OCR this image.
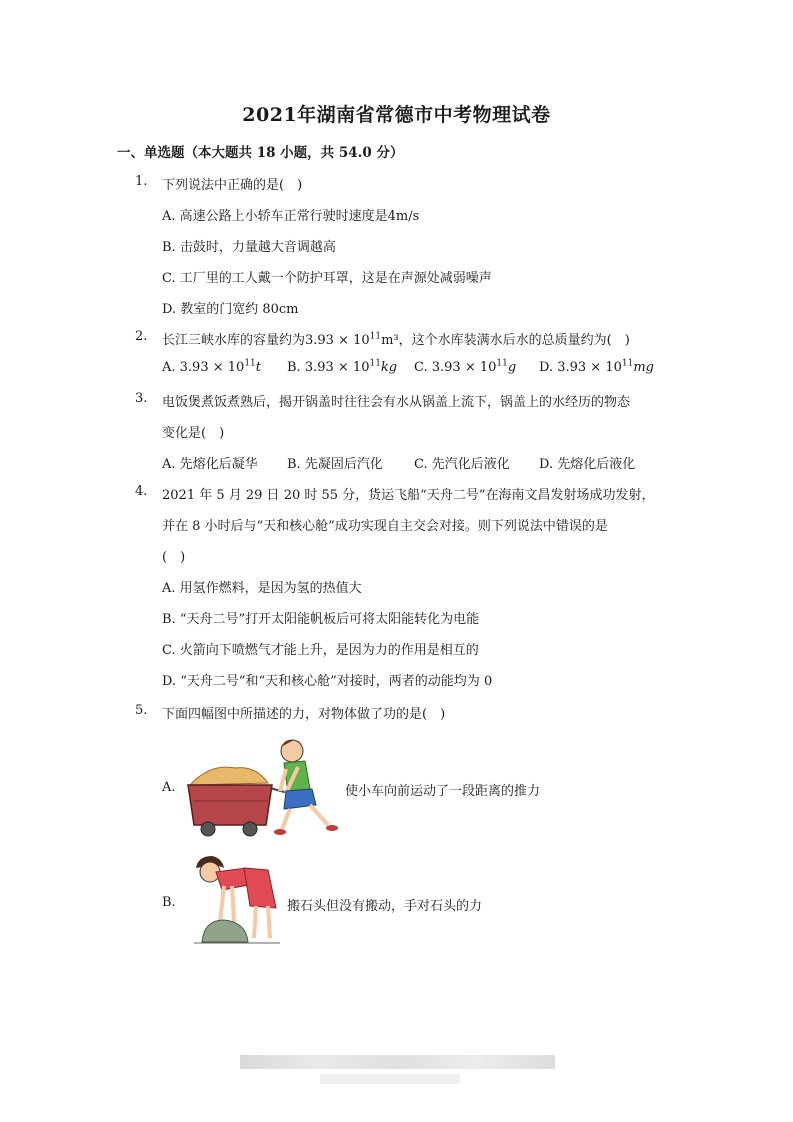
2021年湖南省常德市中考物理试卷
一、单选题（本大题共 18 小题，共 54.0 分）
1. 下列说法中正确的是(　)
A. 高速公路上小轿车正常行驶时速度是4m/s
B. 击鼓时，力量越大音调越高
C. 工厂里的工人戴一个防护耳罩，这是在声源处减弱噪声
D. 教室的门宽约 80cm
2. 长江三峡水库的容量约为$3.93 \times 10^{11}m^3$，这个水库装满水后水的总质量约为(　)
A. $3.93 \times 10^{11}t$ B. $3.93 \times 10^{11}kg$ C. $3.93 \times 10^{11}g$ D. $3.93 \times 10^{11}mg$
3. 电饭煲煮饭煮熟后，揭开锅盖时往往会有水从锅盖上流下，锅盖上的水经历的物态
变化是(　)
A. 先熔化后凝华 B. 先凝固后汽化 C. 先汽化后液化 D. 先熔化后液化
4. 2021 年 5 月 29 日 20 时 55 分，货运飞船“天舟二号”在海南文昌发射场成功发射，
并在 8 小时后与“天和核心舱”成功实现自主交会对接。则下列说法中错误的是
(　)
A. 用氢作燃料，是因为氢的热值大
B. “天舟二号”打开太阳能帆板后可将太阳能转化为电能
C. 火箭向下喷燃气才能上升，是因为力的作用是相互的
D. “天舟二号”和“天和核心舱”对接时，两者的动能均为 0
5. 下面四幅图中所描述的力，对物体做了功的是(　)
A.	使小车向前运动了一段距离的推力
B.	搬石头但没有搬动，手对石头的力
